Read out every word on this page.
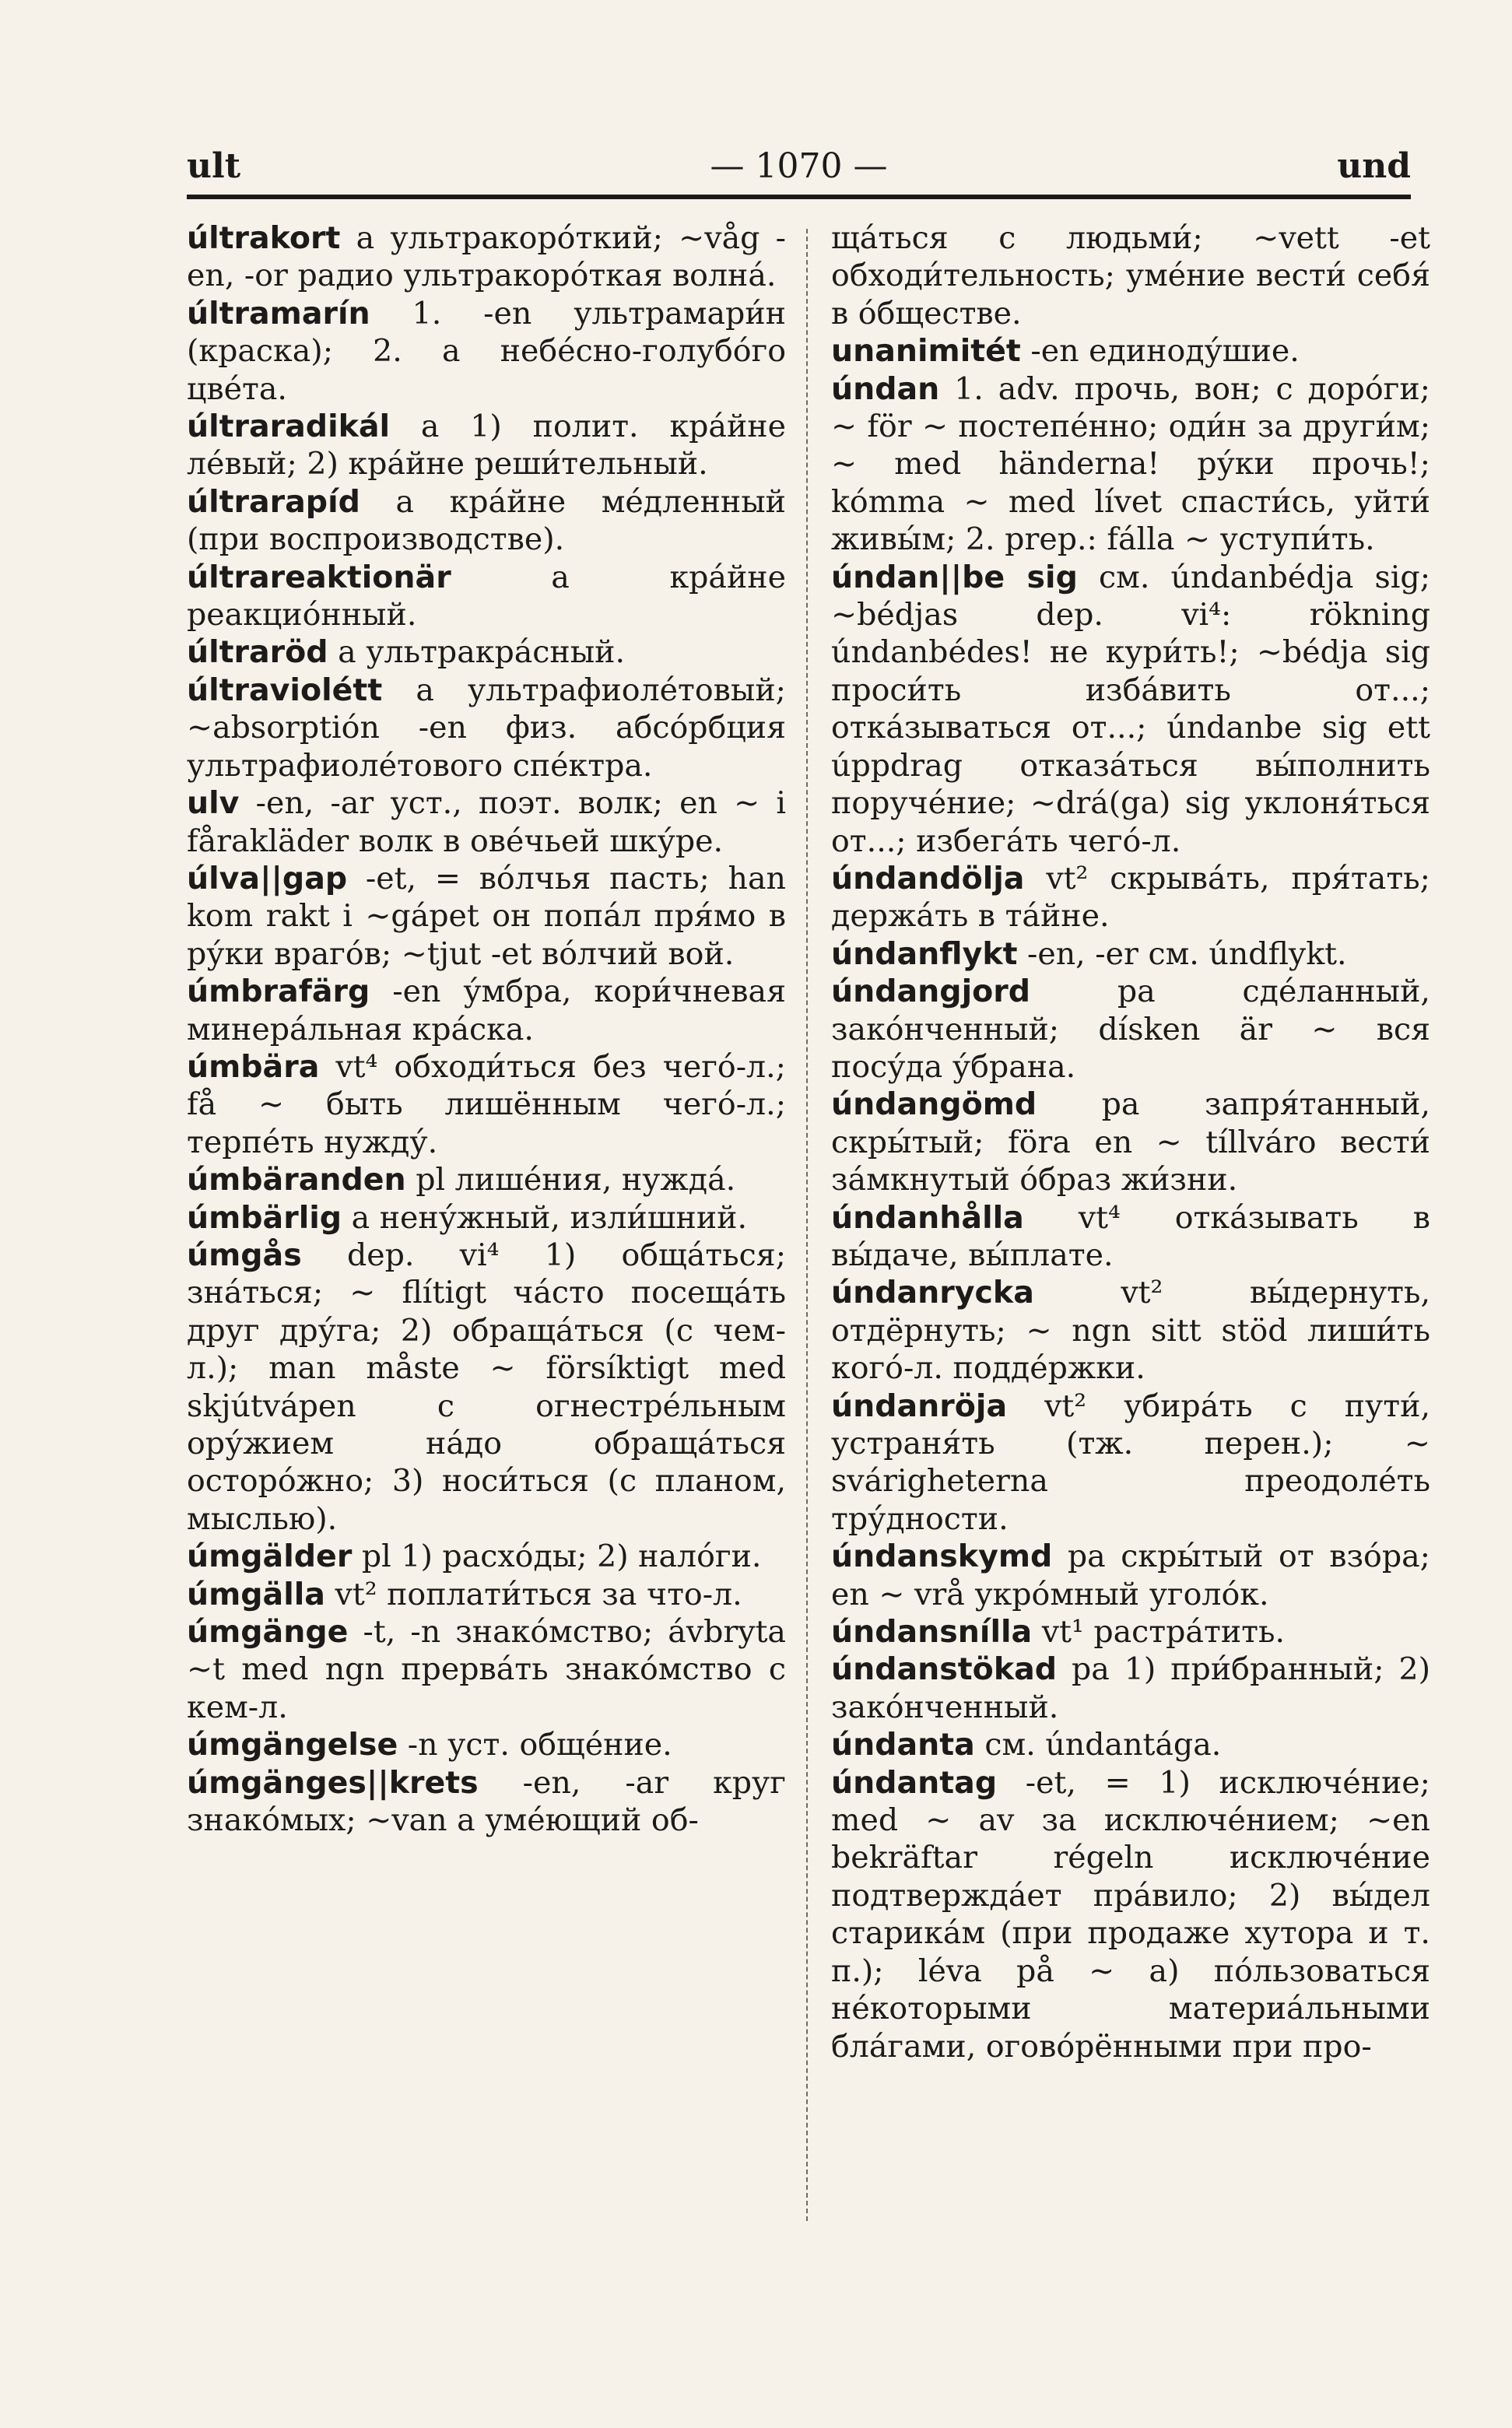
ult	— 1070 —	und

últrakort a ультракоро́ткий; ~våg -en, -or радио ультракоро́ткая волна́.

últramarín 1. -en ультрамари́н (краска); 2. a небе́сно-голубо́го цве́та.

últraradikál a 1) полит. кра́йне ле́вый; 2) кра́йне реши́тельный.

últrarapíd a кра́йне ме́дленный (при воспроизводстве).

últrareaktionär a кра́йне реакцио́нный.

últraröd a ультракра́сный.

últraviolétt a ультрафиоле́товый; ~absorptión -en физ. абсо́рбция ультрафиоле́тового спе́ктра.

ulv -en, -ar уст., поэт. волк; en ~ i fårakläder волк в ове́чьей шку́ре.

úlva||gap -et, = во́лчья пасть; han kom rakt i ~gápet он попа́л пря́мо в ру́ки враго́в; ~tjut -et во́лчий вой.

úmbrafärg -en у́мбра, кори́чневая минера́льная кра́ска.

úmbära vt⁴ обходи́ться без чего́-л.; få ~ быть лишённым чего́-л.; терпе́ть нужду́.

úmbäranden pl лише́ния, нужда́.

úmbärlig a нену́жный, изли́шний.

úmgås dep. vi⁴ 1) обща́ться; зна́ться; ~ flítigt ча́сто посеща́ть друг дру́га; 2) обраща́ться (с чем-л.); man måste ~ försíktigt med skjútvápen с огнестре́льным ору́жием на́до обраща́ться осторо́жно; 3) носи́ться (с планом, мыслью).

úmgälder pl 1) расхо́ды; 2) нало́ги.

úmgälla vt² поплати́ться за что-л.

úmgänge -t, -n знако́мство; ávbryta ~t med ngn прерва́ть знако́мство с кем-л.

úmgängelse -n уст. обще́ние.

úmgänges||krets -en, -ar круг знако́мых; ~van a уме́ющий об-

ща́ться с людьми́; ~vett -et обходи́тельность; уме́ние вести́ себя́ в о́бществе.

unanimitét -en единоду́шие.

úndan 1. adv. прочь, вон; с доро́ги; ~ för ~ постепе́нно; оди́н за други́м; ~ med händerna! ру́ки прочь!; kómma ~ med lívet спасти́сь, уйти́ живы́м; 2. prep.: fálla ~ уступи́ть.

úndan||be sig см. úndanbédja sig; ~bédjas dep. vi⁴: rökning úndanbédes! не кури́ть!; ~bédja sig проси́ть изба́вить от...; отка́зываться от...; úndanbe sig ett úppdrag отказа́ться вы́полнить поруче́ние; ~drá(ga) sig уклоня́ться от...; избега́ть чего́-л.

úndandölja vt² скрыва́ть, пря́тать; держа́ть в та́йне.

úndanflykt -en, -er см. úndflykt.

úndangjord pa сде́ланный, зако́нченный; dísken är ~ вся посу́да у́брана.

úndangömd pa запря́танный, скры́тый; föra en ~ tíllváro вести́ за́мкнутый о́браз жи́зни.

úndanhålla vt⁴ отка́зывать в вы́даче, вы́плате.

úndanrycka vt² вы́дернуть, отдёрнуть; ~ ngn sitt stöd лиши́ть кого́-л. подде́ржки.

úndanröja vt² убира́ть с пути́, устраня́ть (тж. перен.); ~ svárigheterna преодоле́ть тру́дности.

úndanskymd pa скры́тый от взо́ра; en ~ vrå укро́мный уголо́к.

úndansnílla vt¹ растра́тить.

úndanstökad pa 1) при́бранный; 2) зако́нченный.

úndanta см. úndantága.

úndantag -et, = 1) исключе́ние; med ~ av за исключе́нием; ~en bekräftar régeln исключе́ние подтвержда́ет пра́вило; 2) вы́дел старика́м (при продаже хутора и т. п.); léva på ~ а) по́льзоваться не́которыми материа́льными бла́гами, огово́рёнными при про-
